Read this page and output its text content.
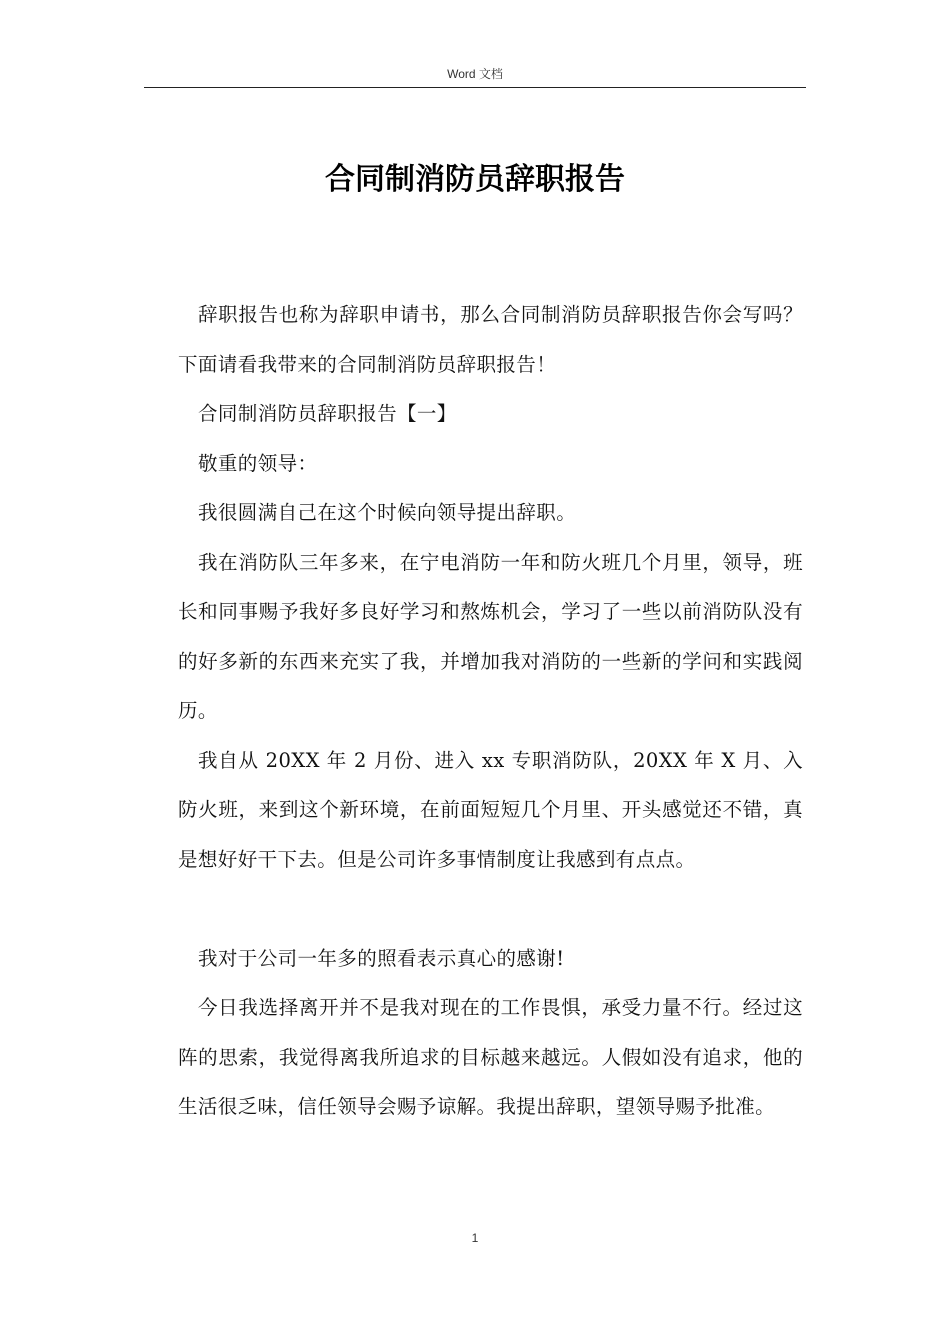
Word 文档
合同制消防员辞职报告

辞职报告也称为辞职申请书，那么合同制消防员辞职报告你会写吗？下面请看我带来的合同制消防员辞职报告！

合同制消防员辞职报告【一】

敬重的领导：

我很圆满自己在这个时候向领导提出辞职。

我在消防队三年多来，在宁电消防一年和防火班几个月里，领导，班长和同事赐予我好多良好学习和熬炼机会，学习了一些以前消防队没有的好多新的东西来充实了我，并增加我对消防的一些新的学问和实践阅历。

我自从 20XX 年 2 月份、进入 xx 专职消防队，20XX 年 X 月、入防火班，来到这个新环境，在前面短短几个月里、开头感觉还不错，真是想好好干下去。但是公司许多事情制度让我感到有点点。

我对于公司一年多的照看表示真心的感谢!

今日我选择离开并不是我对现在的工作畏惧，承受力量不行。经过这阵的思索，我觉得离我所追求的目标越来越远。人假如没有追求，他的生活很乏味，信任领导会赐予谅解。我提出辞职，望领导赐予批准。

1
